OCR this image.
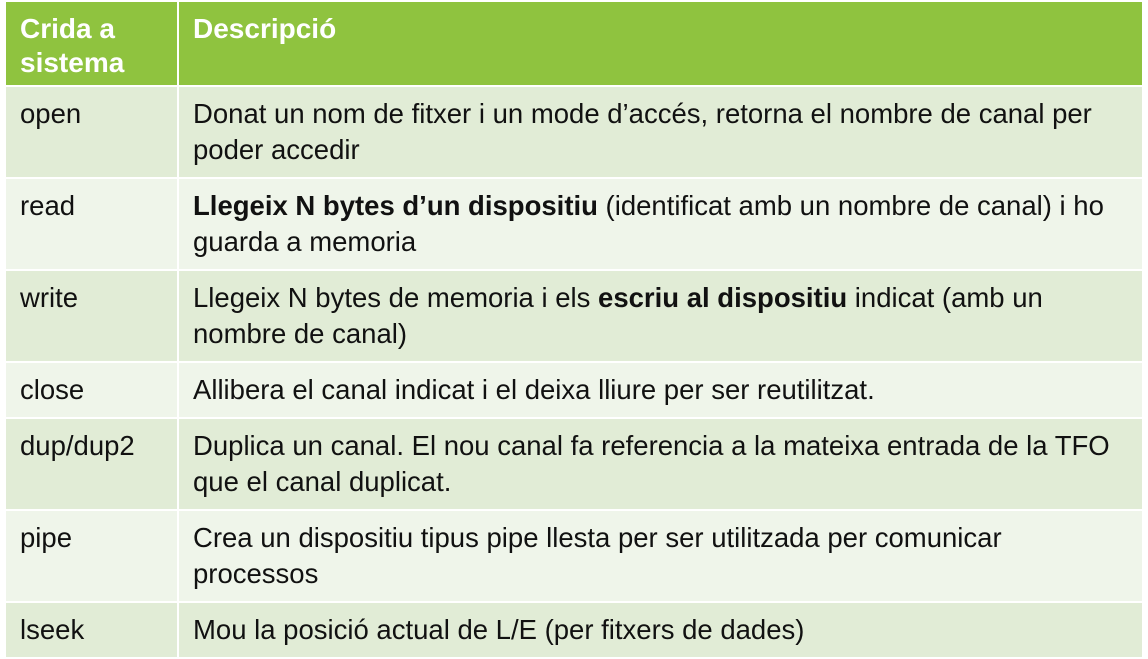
Crida a sistema	Descripció
open	Donat un nom de fitxer i un mode d’accés, retorna el nombre de canal per poder accedir
read	Llegeix N bytes d’un dispositiu (identificat amb un nombre de canal) i ho guarda a memoria
write	Llegeix N bytes de memoria i els escriu al dispositiu indicat (amb un nombre de canal)
close	Allibera el canal indicat i el deixa lliure per ser reutilitzat.
dup/dup2	Duplica un canal. El nou canal fa referencia a la mateixa entrada de la TFO que el canal duplicat.
pipe	Crea un dispositiu tipus pipe llesta per ser utilitzada per comunicar processos
lseek	Mou la posició actual de L/E (per fitxers de dades)
